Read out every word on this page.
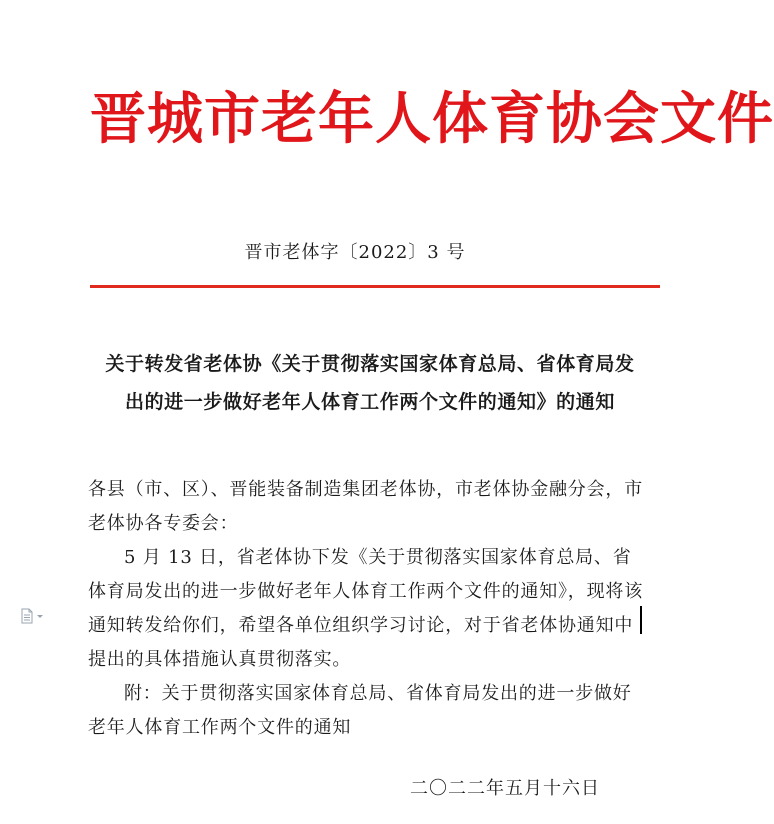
晋城市老年人体育协会文件
晋市老体字〔2022〕3 号
关于转发省老体协《关于贯彻落实国家体育总局、省体育局发
出的进一步做好老年人体育工作两个文件的通知》的通知

各县（市、区）、晋能装备制造集团老体协，市老体协金融分会，市老体协各专委会：

5 月 13 日，省老体协下发《关于贯彻落实国家体育总局、省体育局发出的进一步做好老年人体育工作两个文件的通知》，现将该通知转发给你们，希望各单位组织学习讨论，对于省老体协通知中提出的具体措施认真贯彻落实。

附：关于贯彻落实国家体育总局、省体育局发出的进一步做好老年人体育工作两个文件的通知

二〇二二年五月十六日
